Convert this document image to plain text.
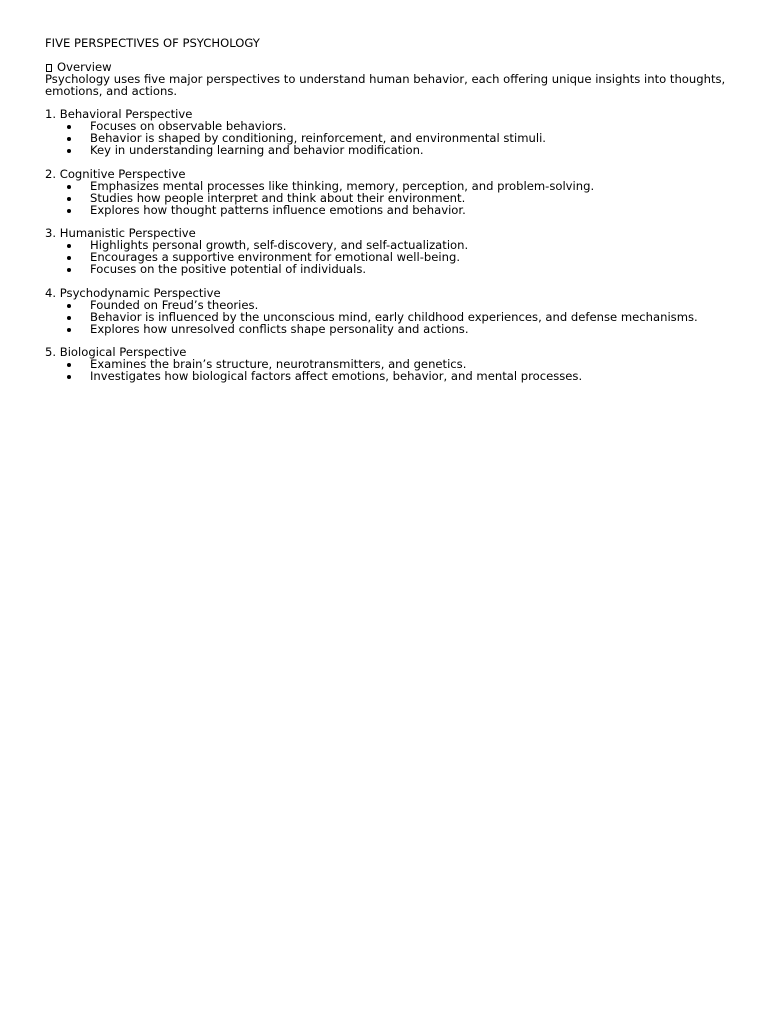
FIVE PERSPECTIVES OF PSYCHOLOGY
Overview

Psychology uses five major perspectives to understand human behavior, each offering unique insights into thoughts, emotions, and actions.

1. Behavioral Perspective
Focuses on observable behaviors.
Behavior is shaped by conditioning, reinforcement, and environmental stimuli.
Key in understanding learning and behavior modification.
2. Cognitive Perspective
Emphasizes mental processes like thinking, memory, perception, and problem-solving.
Studies how people interpret and think about their environment.
Explores how thought patterns influence emotions and behavior.
3. Humanistic Perspective
Highlights personal growth, self-discovery, and self-actualization.
Encourages a supportive environment for emotional well-being.
Focuses on the positive potential of individuals.
4. Psychodynamic Perspective
Founded on Freud’s theories.
Behavior is influenced by the unconscious mind, early childhood experiences, and defense mechanisms.
Explores how unresolved conflicts shape personality and actions.
5. Biological Perspective
Examines the brain’s structure, neurotransmitters, and genetics.
Investigates how biological factors affect emotions, behavior, and mental processes.
